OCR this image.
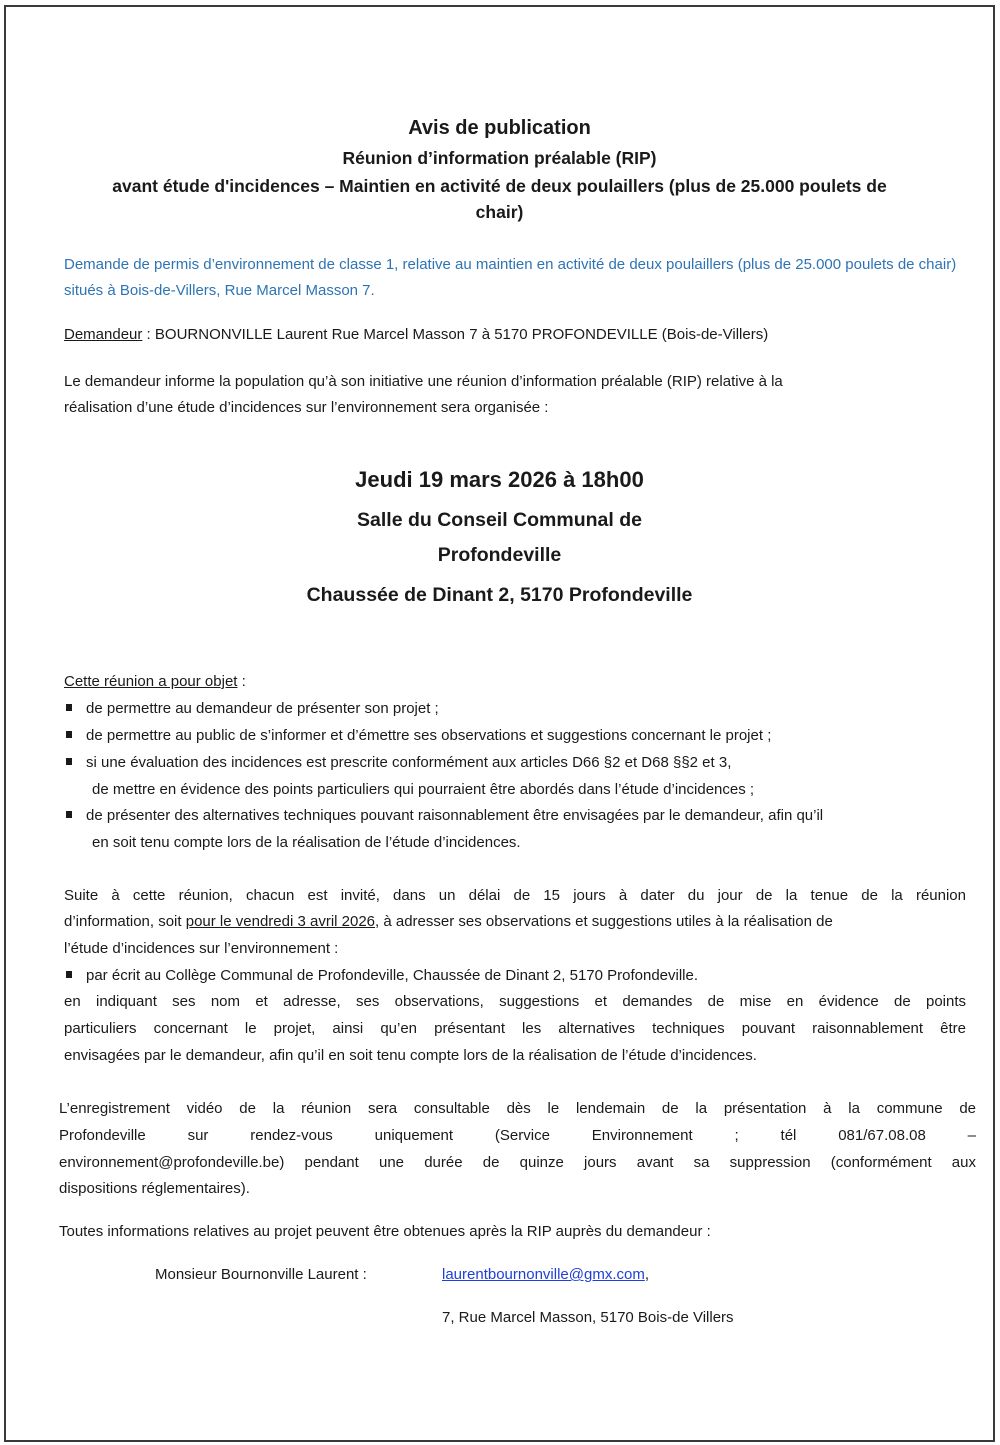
Avis de publication

Réunion d’information préalable (RIP)

avant étude d'incidences – Maintien en activité de deux poulaillers (plus de 25.000 poulets de

chair)

Demande de permis d’environnement de classe 1, relative au maintien en activité de deux poulaillers (plus de 25.000 poulets de chair) situés à Bois-de-Villers, Rue Marcel Masson 7.

Demandeur : BOURNONVILLE Laurent Rue Marcel Masson 7 à 5170 PROFONDEVILLE (Bois-de-Villers)

Le demandeur informe la population qu’à son initiative une réunion d’information préalable (RIP) relative à la

réalisation d’une étude d’incidences sur l’environnement sera organisée :

Jeudi 19 mars 2026 à 18h00

Salle du Conseil Communal de

Profondeville

Chaussée de Dinant 2, 5170 Profondeville

Cette réunion a pour objet :

de permettre au demandeur de présenter son projet ;

de permettre au public de s’informer et d’émettre ses observations et suggestions concernant le projet ;

si une évaluation des incidences est prescrite conformément aux articles D66 §2 et D68 §§2 et 3,

de mettre en évidence des points particuliers qui pourraient être abordés dans l’étude d’incidences ;

de présenter des alternatives techniques pouvant raisonnablement être envisagées par le demandeur, afin qu’il

en soit tenu compte lors de la réalisation de l’étude d’incidences.

Suite à cette réunion, chacun est invité, dans un délai de 15 jours à dater du jour de la tenue de la réunion

d’information, soit pour le vendredi 3 avril 2026, à adresser ses observations et suggestions utiles à la réalisation de

l’étude d’incidences sur l’environnement :

par écrit au Collège Communal de Profondeville, Chaussée de Dinant 2, 5170 Profondeville.

en indiquant ses nom et adresse, ses observations, suggestions et demandes de mise en évidence de points

particuliers concernant le projet, ainsi qu’en présentant les alternatives techniques pouvant raisonnablement être

envisagées par le demandeur, afin qu’il en soit tenu compte lors de la réalisation de l’étude d’incidences.

L’enregistrement vidéo de la réunion sera consultable dès le lendemain de la présentation à la commune de

Profondeville sur rendez-vous uniquement (Service Environnement ; tél 081/67.08.08 –

environnement@profondeville.be) pendant une durée de quinze jours avant sa suppression (conformément aux

dispositions réglementaires).

Toutes informations relatives au projet peuvent être obtenues après la RIP auprès du demandeur :

Monsieur Bournonville Laurent :	laurentbournonville@gmx.com,

7, Rue Marcel Masson, 5170 Bois-de Villers
